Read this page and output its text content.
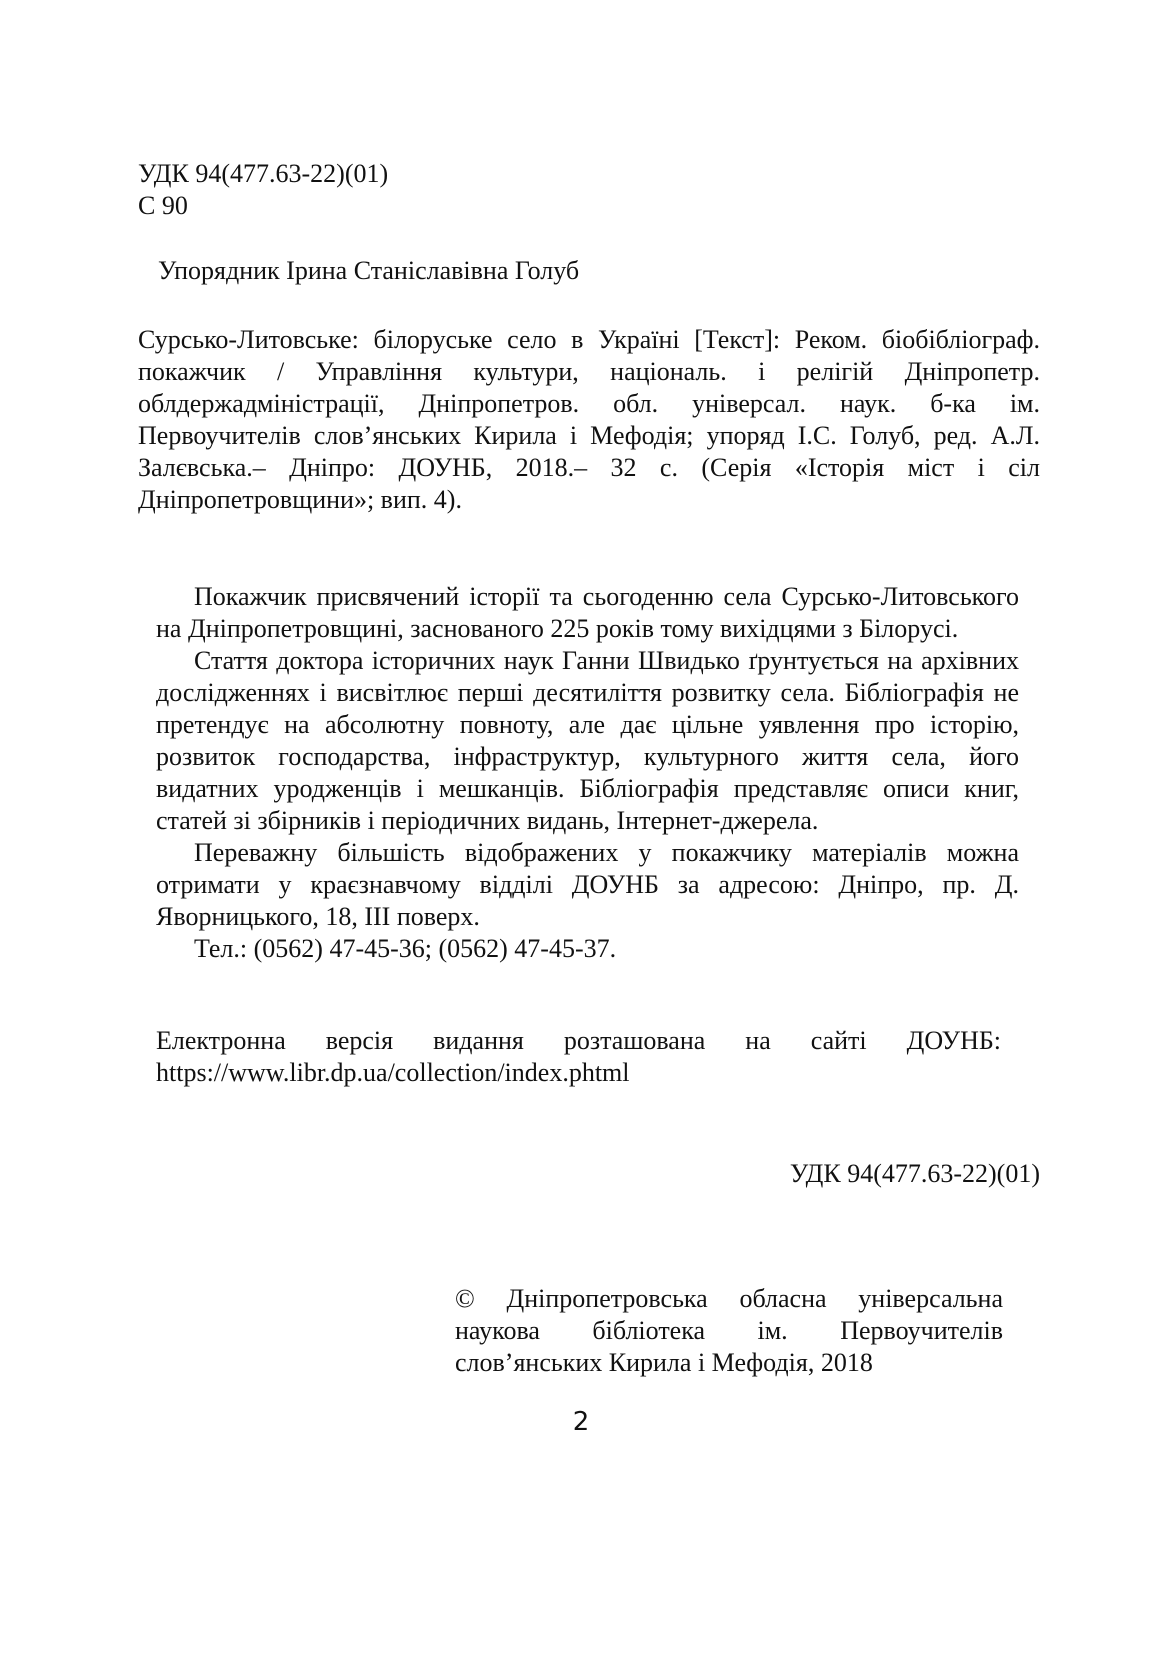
УДК 94(477.63-22)(01)
С 90
Упорядник Ірина Станіславівна Голуб
Сурсько-Литовське: білоруське село в Україні [Текст]: Реком. біобібліограф. покажчик / Управління культури, національ. і релігій Дніпропетр. облдержадміністрації, Дніпропетров. обл. універсал. наук. б-ка ім. Первоучителів слов’янських Кирила і Мефодія; упоряд І.С. Голуб, ред. А.Л. Залєвська.– Дніпро: ДОУНБ, 2018.– 32 с. (Серія «Історія міст і сіл Дніпропетровщини»; вип. 4).

Покажчик присвячений історії та сьогоденню села Сурсько-Литовського на Дніпропетровщині, заснованого 225 років тому вихідцями з Білорусі.

Стаття доктора історичних наук Ганни Швидько ґрунтується на архівних дослідженнях і висвітлює перші десятиліття розвитку села. Бібліографія не претендує на абсолютну повноту, але дає цільне уявлення про історію, розвиток господарства, інфраструктур, культурного життя села, його видатних уродженців і мешканців. Бібліографія представляє описи книг, статей зі збірників і періодичних видань, Інтернет-джерела.

Переважну більшість відображених у покажчику матеріалів можна отримати у краєзнавчому відділі ДОУНБ за адресою: Дніпро, пр. Д. Яворницького, 18, ІІІ поверх.

Тел.: (0562) 47-45-36; (0562) 47-45-37.

Електронна версія видання розташована на сайті ДОУНБ: https://www.libr.dp.ua/collection/index.phtml
УДК 94(477.63-22)(01)
© Дніпропетровська обласна універсальна наукова бібліотека ім. Первоучителів слов’янських Кирила і Мефодія, 2018
2
